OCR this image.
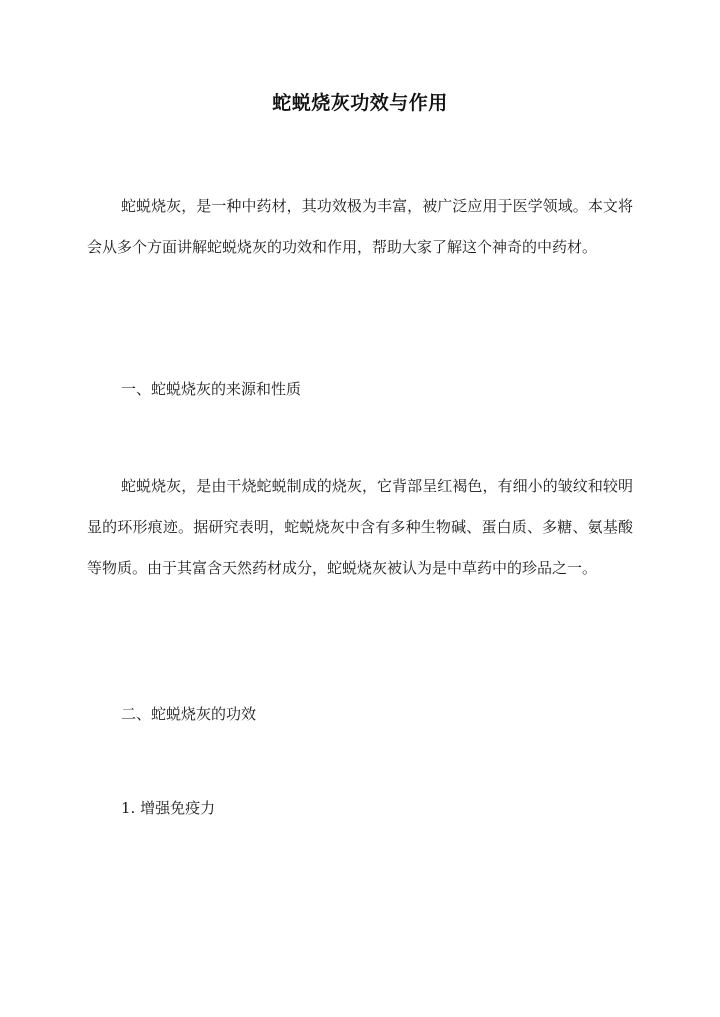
蛇蜕烧灰功效与作用

蛇蜕烧灰，是一种中药材，其功效极为丰富，被广泛应用于医学领域。本文将会从多个方面讲解蛇蜕烧灰的功效和作用，帮助大家了解这个神奇的中药材。

一、蛇蜕烧灰的来源和性质

蛇蜕烧灰，是由干烧蛇蜕制成的烧灰，它背部呈红褐色，有细小的皱纹和较明显的环形痕迹。据研究表明，蛇蜕烧灰中含有多种生物碱、蛋白质、多糖、氨基酸等物质。由于其富含天然药材成分，蛇蜕烧灰被认为是中草药中的珍品之一。

二、蛇蜕烧灰的功效
1. 增强免疫力
